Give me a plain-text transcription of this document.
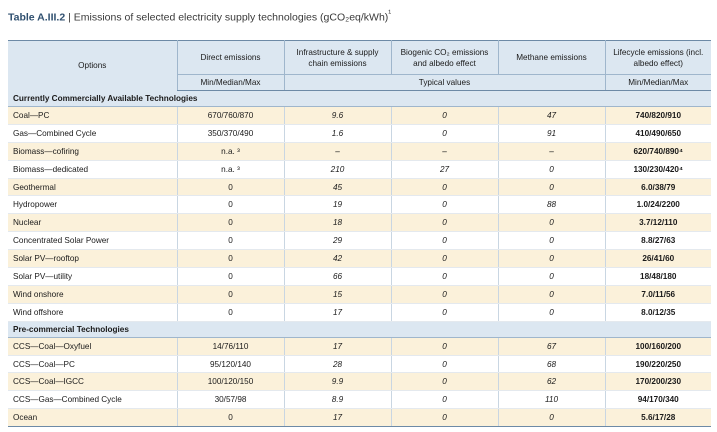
Table A.III.2 | Emissions of selected electricity supply technologies $(gCO_2eq/kWh)^{^1}$
Options	Direct emissions	Infrastructure & supply chain emissions	Biogenic CO₂ emissions and albedo effect	Methane emissions	Lifecycle emissions (incl. albedo effect)
	Min/Median/Max	Typical values			Min/Median/Max
Currently Commercially Available Technologies					
Coal—PC	670/760/870	9.6	0	47	740/820/910
Gas—Combined Cycle	350/370/490	1.6	0	91	410/490/650
Biomass—cofiring	n.a. ³	–	–	–	620/740/890⁴
Biomass—dedicated	n.a. ³	210	27	0	130/230/420⁴
Geothermal	0	45	0	0	6.0/38/79
Hydropower	0	19	0	88	1.0/24/2200
Nuclear	0	18	0	0	3.7/12/110
Concentrated Solar Power	0	29	0	0	8.8/27/63
Solar PV—rooftop	0	42	0	0	26/41/60
Solar PV—utility	0	66	0	0	18/48/180
Wind onshore	0	15	0	0	7.0/11/56
Wind offshore	0	17	0	0	8.0/12/35
Pre-commercial Technologies					
CCS—Coal—Oxyfuel	14/76/110	17	0	67	100/160/200
CCS—Coal—PC	95/120/140	28	0	68	190/220/250
CCS—Coal—IGCC	100/120/150	9.9	0	62	170/200/230
CCS—Gas—Combined Cycle	30/57/98	8.9	0	110	94/170/340
Ocean	0	17	0	0	5.6/17/28
